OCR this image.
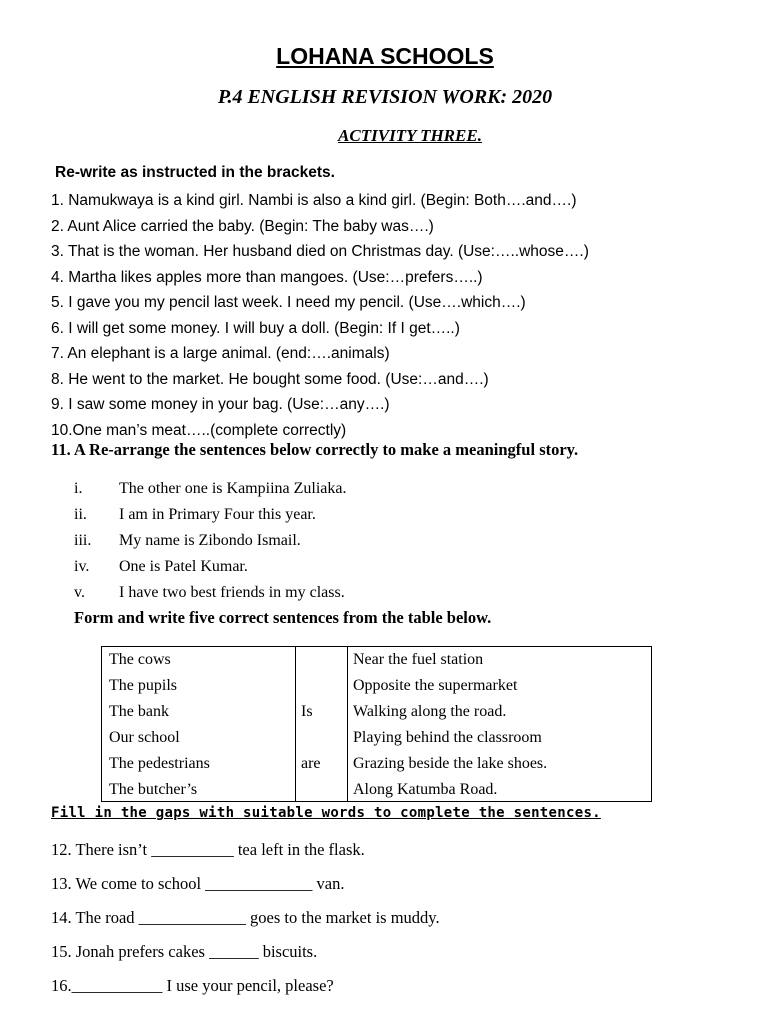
LOHANA SCHOOLS
P.4 ENGLISH REVISION WORK: 2020
ACTIVITY THREE.
Re-write as instructed in the brackets.
1. Namukwaya is a kind girl. Nambi is also a kind girl. (Begin: Both….and….)
2. Aunt Alice carried the baby. (Begin: The baby was….)
3. That is the woman. Her husband died on Christmas day. (Use:…..whose….)
4. Martha likes apples more than mangoes. (Use:…prefers…..)
5. I gave you my pencil last week. I need my pencil. (Use….which….)
6. I will get some money. I will buy a doll. (Begin: If I get…..)
7. An elephant is a large animal. (end:….animals)
8. He went to the market. He bought some food. (Use:…and….)
9. I saw some money in your bag. (Use:…any….)
10.One man’s meat…..(complete correctly)
11. A Re-arrange the sentences below correctly to make a meaningful story.
i. The other one is Kampiina Zuliaka.
ii. I am in Primary Four this year.
iii. My name is Zibondo Ismail.
iv. One is Patel Kumar.
v. I have two best friends in my class.
Form and write five correct sentences from the table below.
The cows
The pupils
The bank
Our school
The pedestrians
The butcher’s
Is
are
Near the fuel station
Opposite the supermarket
Walking along the road.
Playing behind the classroom
Grazing beside the lake shoes.
Along Katumba Road.
Fill in the gaps with suitable words to complete the sentences.
12. There isn’t __________ tea left in the flask.
13. We come to school _____________ van.
14. The road _____________ goes to the market is muddy.
15. Jonah prefers cakes ______ biscuits.
16.___________ I use your pencil, please?
